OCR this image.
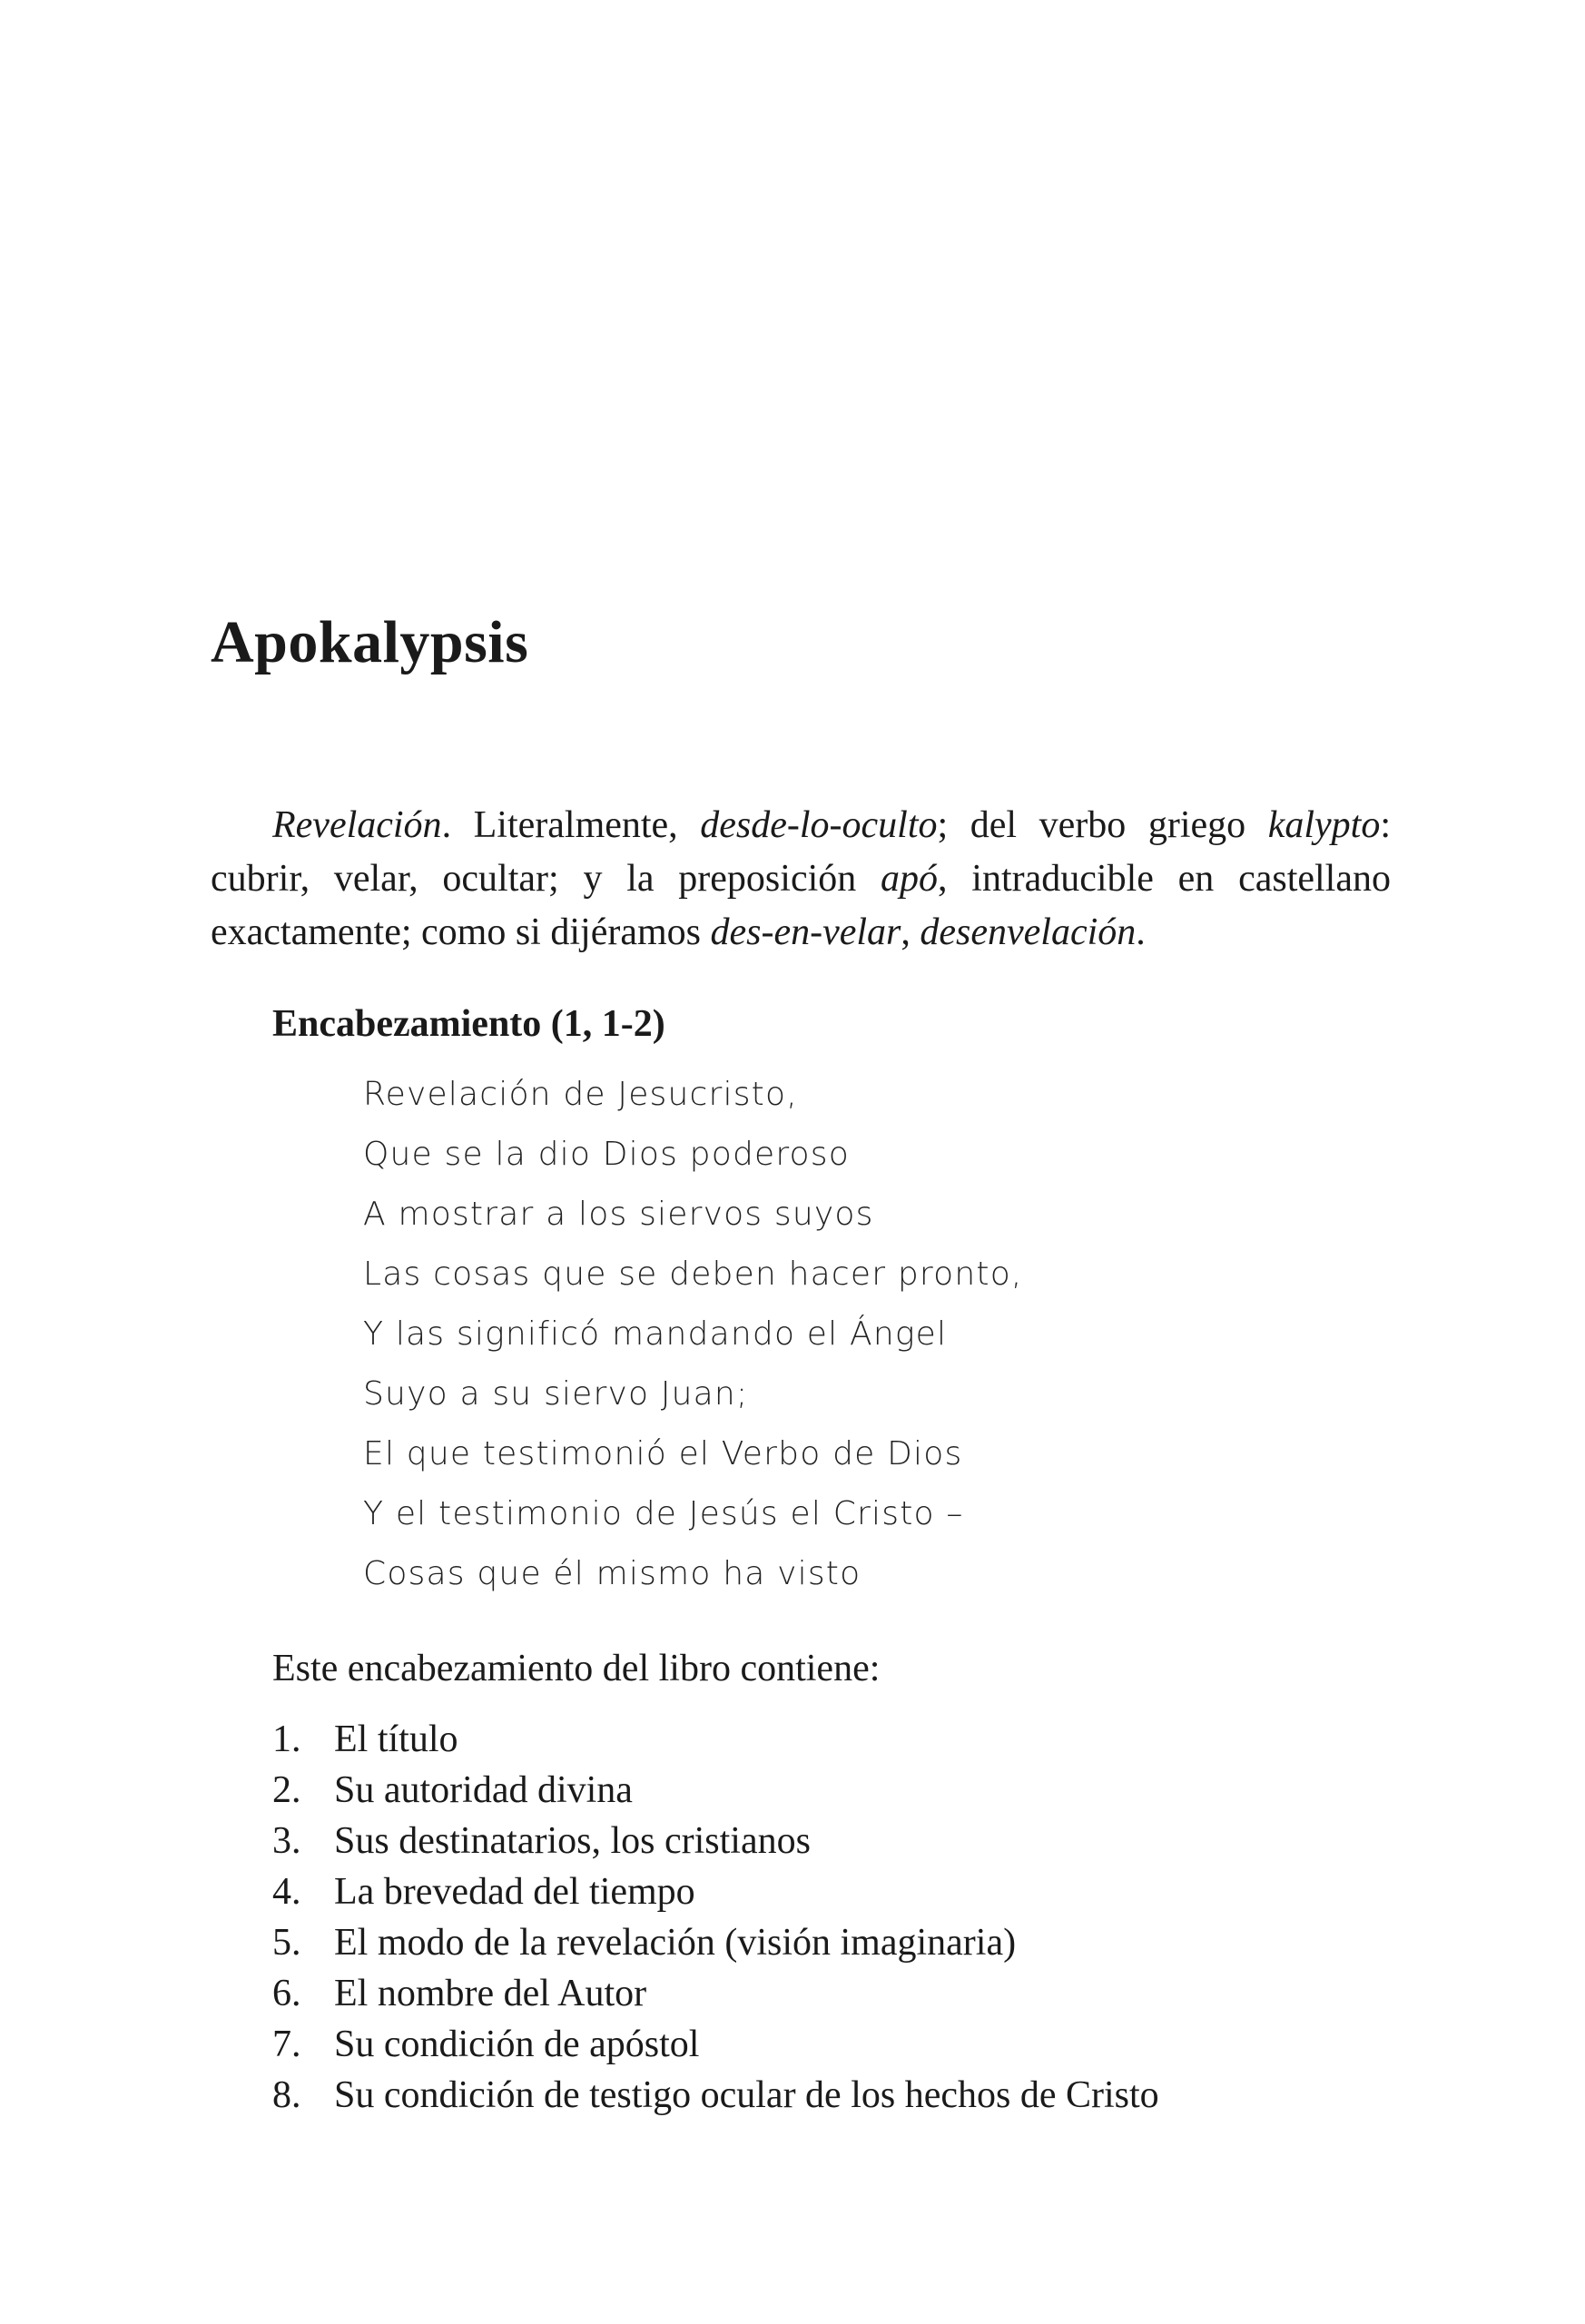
Apokalypsis

Revelación. Literalmente, desde-lo-oculto; del verbo griego kalypto: cubrir, velar, ocultar; y la preposición apó, intraducible en castellano exactamente; como si dijéramos des-en-velar, desenvelación.

Encabezamiento (1, 1-2)
Revelación de Jesucristo,
Que se la dio Dios poderoso
A mostrar a los siervos suyos
Las cosas que se deben hacer pronto,
Y las significó mandando el Ángel
Suyo a su siervo Juan;
El que testimonió el Verbo de Dios
Y el testimonio de Jesús el Cristo –
Cosas que él mismo ha visto

Este encabezamiento del libro contiene:

1. El título
2. Su autoridad divina
3. Sus destinatarios, los cristianos
4. La brevedad del tiempo
5. El modo de la revelación (visión imaginaria)
6. El nombre del Autor
7. Su condición de apóstol
8. Su condición de testigo ocular de los hechos de Cristo
